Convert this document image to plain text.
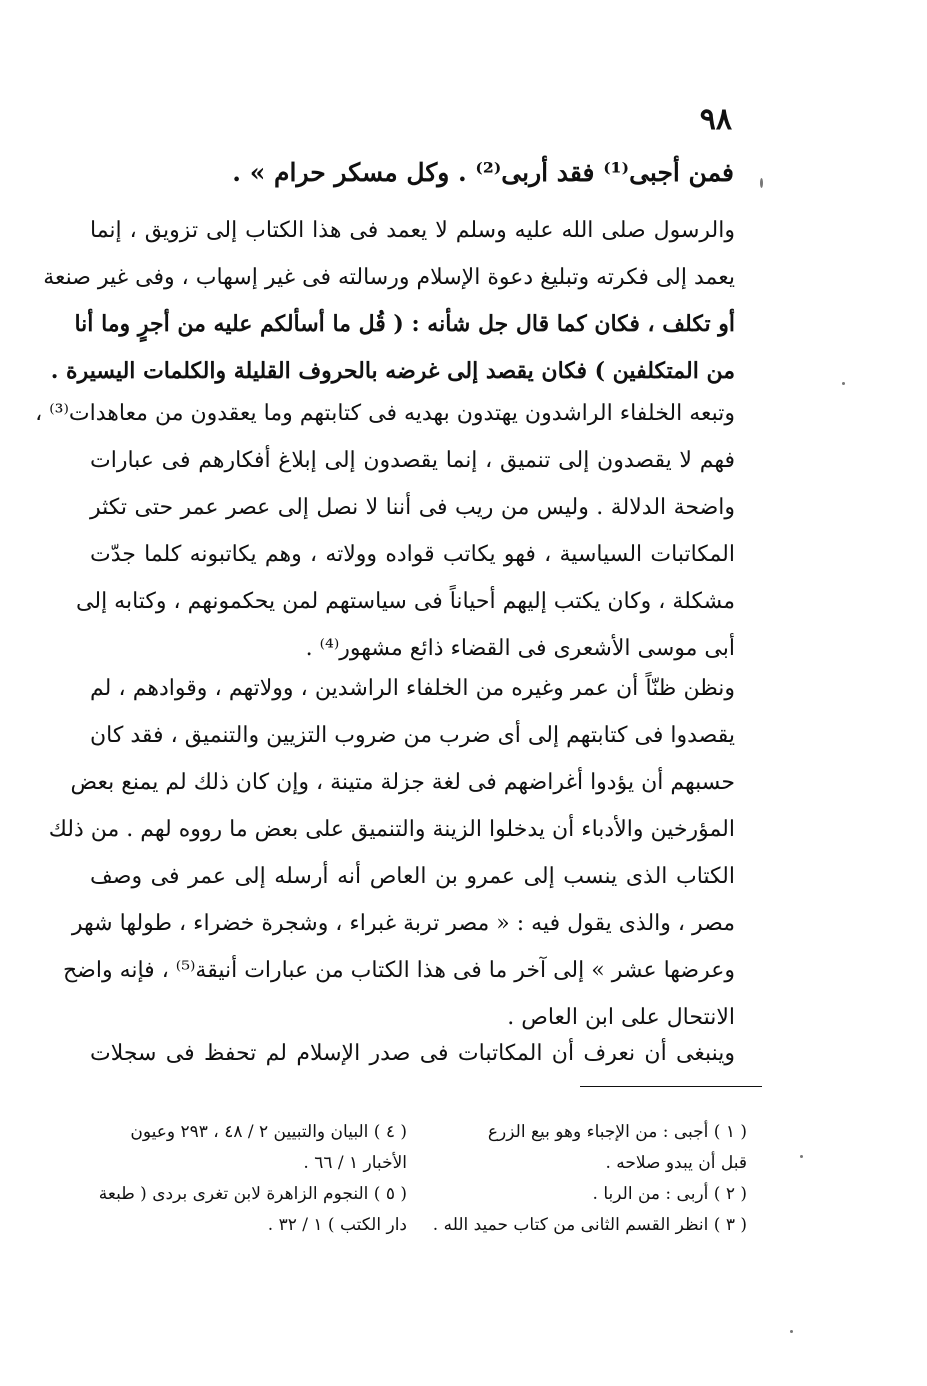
٩٨
فمن أجبى⁽¹⁾ فقد أربى⁽²⁾ . وكل مسكر حرام » .

والرسول صلى الله عليه وسلم لا يعمد فى هذا الكتاب إلى تزويق ، إنما
يعمد إلى فكرته وتبليغ دعوة الإسلام ورسالته فى غير إسهاب ، وفى غير صنعة
أو تكلف ، فكان كما قال جل شأنه : ( قُل ما أسألكم عليه من أجرٍ وما أنا
من المتكلفين ) فكان يقصد إلى غرضه بالحروف القليلة والكلمات اليسيرة .

وتبعه الخلفاء الراشدون يهتدون بهديه فى كتابتهم وما يعقدون من معاهدات⁽³⁾ ،
فهم لا يقصدون إلى تنميق ، إنما يقصدون إلى إبلاغ أفكارهم فى عبارات
واضحة الدلالة . وليس من ريب فى أننا لا نصل إلى عصر عمر حتى تكثر
المكاتبات السياسية ، فهو يكاتب قواده وولاته ، وهم يكاتبونه كلما جدّت
مشكلة ، وكان يكتب إليهم أحياناً فى سياستهم لمن يحكمونهم ، وكتابه إلى
أبى موسى الأشعرى فى القضاء ذائع مشهور⁽⁴⁾ .

ونظن ظنّاً أن عمر وغيره من الخلفاء الراشدين ، وولاتهم ، وقوادهم ، لم
يقصدوا فى كتابتهم إلى أى ضرب من ضروب التزيين والتنميق ، فقد كان
حسبهم أن يؤدوا أغراضهم فى لغة جزلة متينة ، وإن كان ذلك لم يمنع بعض
المؤرخين والأدباء أن يدخلوا الزينة والتنميق على بعض ما رووه لهم . من ذلك
الكتاب الذى ينسب إلى عمرو بن العاص أنه أرسله إلى عمر فى وصف
مصر ، والذى يقول فيه : « مصر تربة غبراء ، وشجرة خضراء ، طولها شهر
وعرضها عشر » إلى آخر ما فى هذا الكتاب من عبارات أنيقة⁽⁵⁾ ، فإنه واضح
الانتحال على ابن العاص .

وينبغى أن نعرف أن المكاتبات فى صدر الإسلام لم تحفظ فى سجلات

( ١ ) أجبى : من الإجباء وهو بيع الزرع
قبل أن يبدو صلاحه .
( ٢ ) أربى : من الربا .
( ٣ ) انظر القسم الثانى من كتاب حميد الله .
( ٤ ) البيان والتبيين ٢ / ٤٨ ، ٢٩٣ وعيون
الأخبار ١ / ٦٦ .
( ٥ ) النجوم الزاهرة لابن تغرى بردى ( طبعة
دار الكتب ) ١ / ٣٢ .
